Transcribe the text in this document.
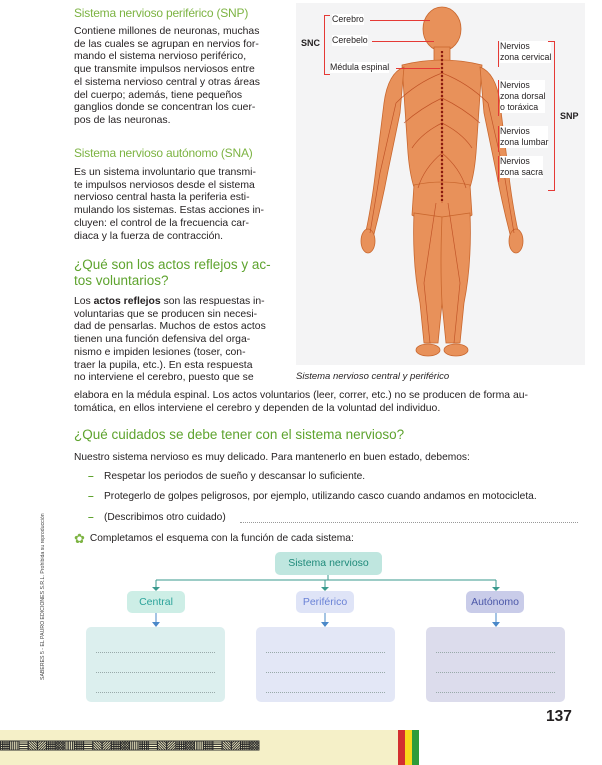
Sistema nervioso periférico (SNP)
Contiene millones de neuronas, muchas
de las cuales se agrupan en nervios for-
mando el sistema nervioso periférico,
que transmite impulsos nerviosos entre
el sistema nervioso central y otras áreas
del cuerpo; además, tiene pequeños
ganglios donde se concentran los cuer-
pos de las neuronas.
Sistema nervioso autónomo (SNA)
Es un sistema involuntario que transmi-
te impulsos nerviosos desde el sistema
nervioso central hasta la periferia esti-
mulando los sistemas. Estas acciones in-
cluyen: el control de la frecuencia car-
diaca y la fuerza de contracción.
¿Qué son los actos reflejos y ac-
tos voluntarios?
Los actos reflejos son las respuestas in-
voluntarias que se producen sin necesi-
dad de pensarlas. Muchos de estos actos
tienen una función defensiva del orga-
nismo e impiden lesiones (toser, con-
traer la pupila, etc.). En esta respuesta
no interviene el cerebro, puesto que se
Cerebro
Cerebelo
Médula espinal
SNC	Nervios
zona cervical
Nervios
zona dorsal
o toráxica
Nervios
zona lumbar
Nervios
zona sacra
SNP
Sistema nervioso central y periférico
elabora en la médula espinal. Los actos voluntarios (leer, correr, etc.) no se producen de forma au-
tomática, en ellos interviene el cerebro y dependen de la voluntad del individuo.
¿Qué cuidados se debe tener con el sistema nervioso?
Nuestro sistema nervioso es muy delicado. Para mantenerlo en buen estado, debemos:
–	Respetar los periodos de sueño y descansar lo suficiente.
–	Protegerlo de golpes peligrosos, por ejemplo, utilizando casco cuando andamos en motocicleta.
–	(Describimos otro cuidado)
✿ Completamos el esquema con la función de cada sistema:
Sistema nervioso
Central	Periférico	Autónomo
SABERES 5 - EL PAURO EDICIONES S.R.L. Prohibida su reproducción
137
▦▥▤▧▨▦▩▥▦▤▧▨▦▩▥▦▤▧▨▦▩▥▦▤▧▨▦▩
